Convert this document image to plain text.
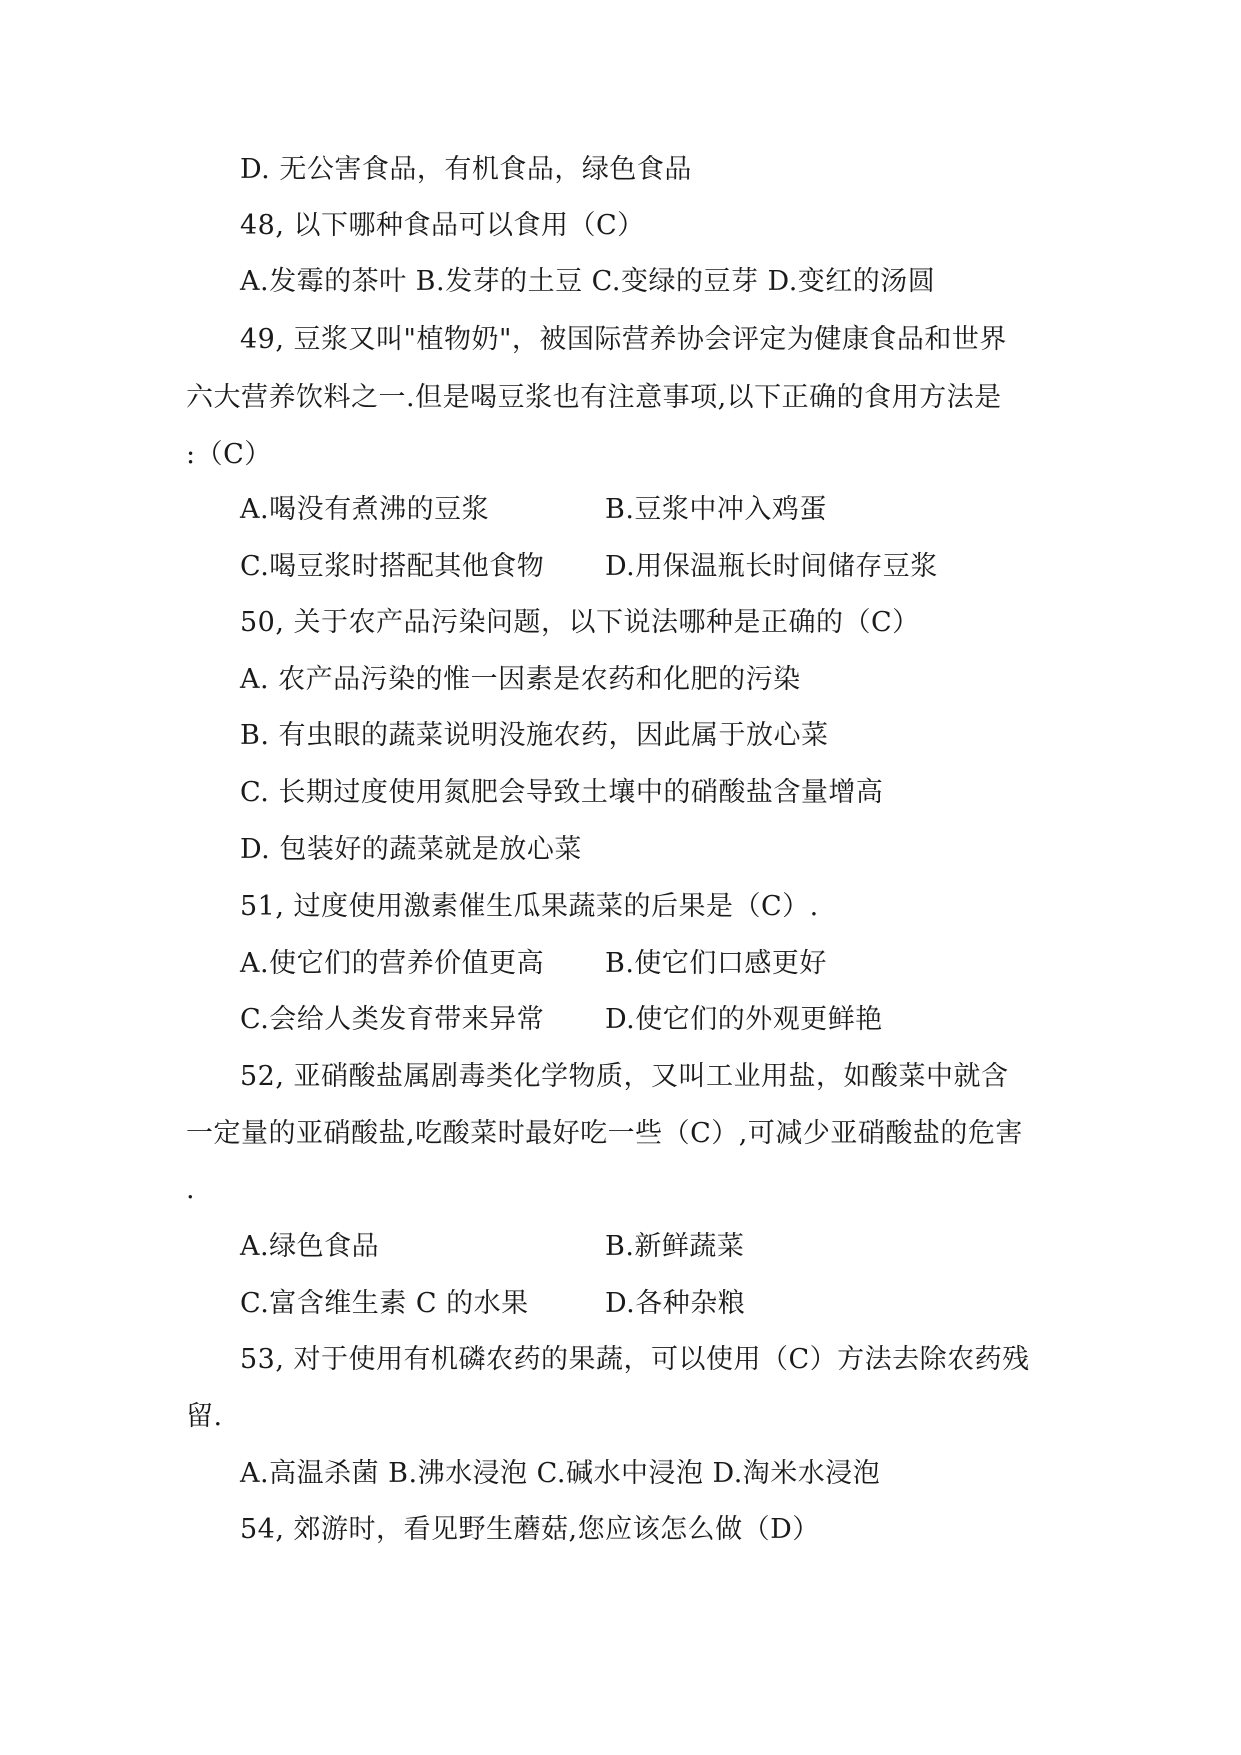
D. 无公害食品，有机食品，绿色食品
48, 以下哪种食品可以食用（C）
A.发霉的茶叶 B.发芽的土豆 C.变绿的豆芽 D.变红的汤圆
49, 豆浆又叫"植物奶"，被国际营养协会评定为健康食品和世界
六大营养饮料之一.但是喝豆浆也有注意事项,以下正确的食用方法是
:（C）
A.喝没有煮沸的豆浆	B.豆浆中冲入鸡蛋
C.喝豆浆时搭配其他食物 D.用保温瓶长时间储存豆浆
50, 关于农产品污染问题，以下说法哪种是正确的（C）
A. 农产品污染的惟一因素是农药和化肥的污染
B. 有虫眼的蔬菜说明没施农药，因此属于放心菜
C. 长期过度使用氮肥会导致土壤中的硝酸盐含量增高
D. 包装好的蔬菜就是放心菜
51, 过度使用激素催生瓜果蔬菜的后果是（C）.
A.使它们的营养价值更高 B.使它们口感更好
C.会给人类发育带来异常 D.使它们的外观更鲜艳
52, 亚硝酸盐属剧毒类化学物质，又叫工业用盐，如酸菜中就含
一定量的亚硝酸盐,吃酸菜时最好吃一些（C）,可减少亚硝酸盐的危害
.
A.绿色食品	B.新鲜蔬菜
C.富含维生素 C 的水果	D.各种杂粮
53, 对于使用有机磷农药的果蔬，可以使用（C）方法去除农药残
留.
A.高温杀菌 B.沸水浸泡 C.碱水中浸泡 D.淘米水浸泡
54, 郊游时，看见野生蘑菇,您应该怎么做（D）
